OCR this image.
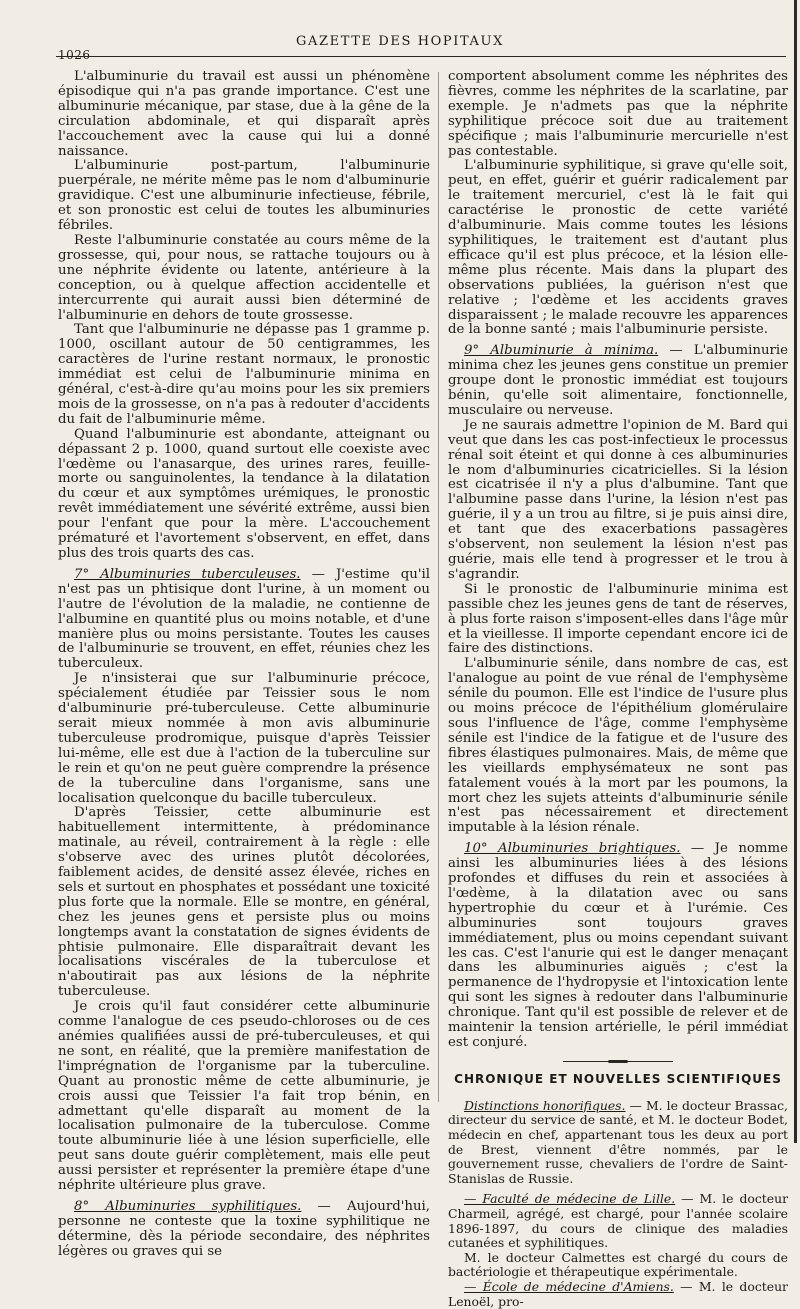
1026
GAZETTE DES HOPITAUX

L'albuminurie du travail est aussi un phénomène épisodique qui n'a pas grande importance. C'est une albuminurie mécanique, par stase, due à la gêne de la circulation abdominale, et qui disparaît après l'accouchement avec la cause qui lui a donné naissance.

L'albuminurie post-partum, l'albuminurie puerpérale, ne mérite même pas le nom d'albuminurie gravidique. C'est une albuminurie infectieuse, fébrile, et son pronostic est celui de toutes les albuminuries fébriles.

Reste l'albuminurie constatée au cours même de la grossesse, qui, pour nous, se rattache toujours ou à une néphrite évidente ou latente, antérieure à la conception, ou à quelque affection accidentelle et intercurrente qui aurait aussi bien déterminé de l'albuminurie en dehors de toute grossesse.

Tant que l'albuminurie ne dépasse pas 1 gramme p. 1000, oscillant autour de 50 centigrammes, les caractères de l'urine restant normaux, le pronostic immédiat est celui de l'albuminurie minima en général, c'est-à-dire qu'au moins pour les six premiers mois de la grossesse, on n'a pas à redouter d'accidents du fait de l'albuminurie même.

Quand l'albuminurie est abondante, atteignant ou dépassant 2 p. 1000, quand surtout elle coexiste avec l'œdème ou l'anasarque, des urines rares, feuille-morte ou sanguinolentes, la tendance à la dilatation du cœur et aux symptômes urémiques, le pronostic revêt immédiatement une sévérité extrême, aussi bien pour l'enfant que pour la mère. L'accouchement prématuré et l'avortement s'observent, en effet, dans plus des trois quarts des cas.

7° Albuminuries tuberculeuses. — J'estime qu'il n'est pas un phtisique dont l'urine, à un moment ou l'autre de l'évolution de la maladie, ne contienne de l'albumine en quantité plus ou moins notable, et d'une manière plus ou moins persistante. Toutes les causes de l'albuminurie se trouvent, en effet, réunies chez les tuberculeux.

Je n'insisterai que sur l'albuminurie précoce, spécialement étudiée par Teissier sous le nom d'albuminurie pré-tuberculeuse. Cette albuminurie serait mieux nommée à mon avis albuminurie tuberculeuse prodromique, puisque d'après Teissier lui-même, elle est due à l'action de la tuberculine sur le rein et qu'on ne peut guère comprendre la présence de la tuberculine dans l'organisme, sans une localisation quelconque du bacille tuberculeux.

D'après Teissier, cette albuminurie est habituellement intermittente, à prédominance matinale, au réveil, contrairement à la règle : elle s'observe avec des urines plutôt décolorées, faiblement acides, de densité assez élevée, riches en sels et surtout en phosphates et possédant une toxicité plus forte que la normale. Elle se montre, en général, chez les jeunes gens et persiste plus ou moins longtemps avant la constatation de signes évidents de phtisie pulmonaire. Elle disparaîtrait devant les localisations viscérales de la tuberculose et n'aboutirait pas aux lésions de la néphrite tuberculeuse.

Je crois qu'il faut considérer cette albuminurie comme l'analogue de ces pseudo-chloroses ou de ces anémies qualifiées aussi de pré-tuberculeuses, et qui ne sont, en réalité, que la première manifestation de l'imprégnation de l'organisme par la tuberculine. Quant au pronostic même de cette albuminurie, je crois aussi que Teissier l'a fait trop bénin, en admettant qu'elle disparaît au moment de la localisation pulmonaire de la tuberculose. Comme toute albuminurie liée à une lésion superficielle, elle peut sans doute guérir complètement, mais elle peut aussi persister et représenter la première étape d'une néphrite ultérieure plus grave.

8° Albuminuries syphilitiques. — Aujourd'hui, personne ne conteste que la toxine syphilitique ne détermine, dès la période secondaire, des néphrites légères ou graves qui se

comportent absolument comme les néphrites des fièvres, comme les néphrites de la scarlatine, par exemple. Je n'admets pas que la néphrite syphilitique précoce soit due au traitement spécifique ; mais l'albuminurie mercurielle n'est pas contestable.

L'albuminurie syphilitique, si grave qu'elle soit, peut, en effet, guérir et guérir radicalement par le traitement mercuriel, c'est là le fait qui caractérise le pronostic de cette variété d'albuminurie. Mais comme toutes les lésions syphilitiques, le traitement est d'autant plus efficace qu'il est plus précoce, et la lésion elle-même plus récente. Mais dans la plupart des observations publiées, la guérison n'est que relative ; l'œdème et les accidents graves disparaissent ; le malade recouvre les apparences de la bonne santé ; mais l'albuminurie persiste.

9° Albuminurie à minima. — L'albuminurie minima chez les jeunes gens constitue un premier groupe dont le pronostic immédiat est toujours bénin, qu'elle soit alimentaire, fonctionnelle, musculaire ou nerveuse.

Je ne saurais admettre l'opinion de M. Bard qui veut que dans les cas post-infectieux le processus rénal soit éteint et qui donne à ces albuminuries le nom d'albuminuries cicatricielles. Si la lésion est cicatrisée il n'y a plus d'albumine. Tant que l'albumine passe dans l'urine, la lésion n'est pas guérie, il y a un trou au filtre, si je puis ainsi dire, et tant que des exacerbations passagères s'observent, non seulement la lésion n'est pas guérie, mais elle tend à progresser et le trou à s'agrandir.

Si le pronostic de l'albuminurie minima est passible chez les jeunes gens de tant de réserves, à plus forte raison s'imposent-elles dans l'âge mûr et la vieillesse. Il importe cependant encore ici de faire des distinctions.

L'albuminurie sénile, dans nombre de cas, est l'analogue au point de vue rénal de l'emphysème sénile du poumon. Elle est l'indice de l'usure plus ou moins précoce de l'épithélium glomérulaire sous l'influence de l'âge, comme l'emphysème sénile est l'indice de la fatigue et de l'usure des fibres élastiques pulmonaires. Mais, de même que les vieillards emphysémateux ne sont pas fatalement voués à la mort par les poumons, la mort chez les sujets atteints d'albuminurie sénile n'est pas nécessairement et directement imputable à la lésion rénale.

10° Albuminuries brightiques. — Je nomme ainsi les albuminuries liées à des lésions profondes et diffuses du rein et associées à l'œdème, à la dilatation avec ou sans hypertrophie du cœur et à l'urémie. Ces albuminuries sont toujours graves immédiatement, plus ou moins cependant suivant les cas. C'est l'anurie qui est le danger menaçant dans les albuminuries aiguës ; c'est la permanence de l'hydropysie et l'intoxication lente qui sont les signes à redouter dans l'albuminurie chronique. Tant qu'il est possible de relever et de maintenir la tension artérielle, le péril immédiat est conjuré.

CHRONIQUE ET NOUVELLES SCIENTIFIQUES

Distinctions honorifiques. — M. le docteur Brassac, directeur du service de santé, et M. le docteur Bodet, médecin en chef, appartenant tous les deux au port de Brest, viennent d'être nommés, par le gouvernement russe, chevaliers de l'ordre de Saint-Stanislas de Russie.

— Faculté de médecine de Lille. — M. le docteur Charmeil, agrégé, est chargé, pour l'année scolaire 1896-1897, du cours de clinique des maladies cutanées et syphilitiques.

M. le docteur Calmettes est chargé du cours de bactériologie et thérapeutique expérimentale.

— École de médecine d'Amiens. — M. le docteur Lenoël, pro-
